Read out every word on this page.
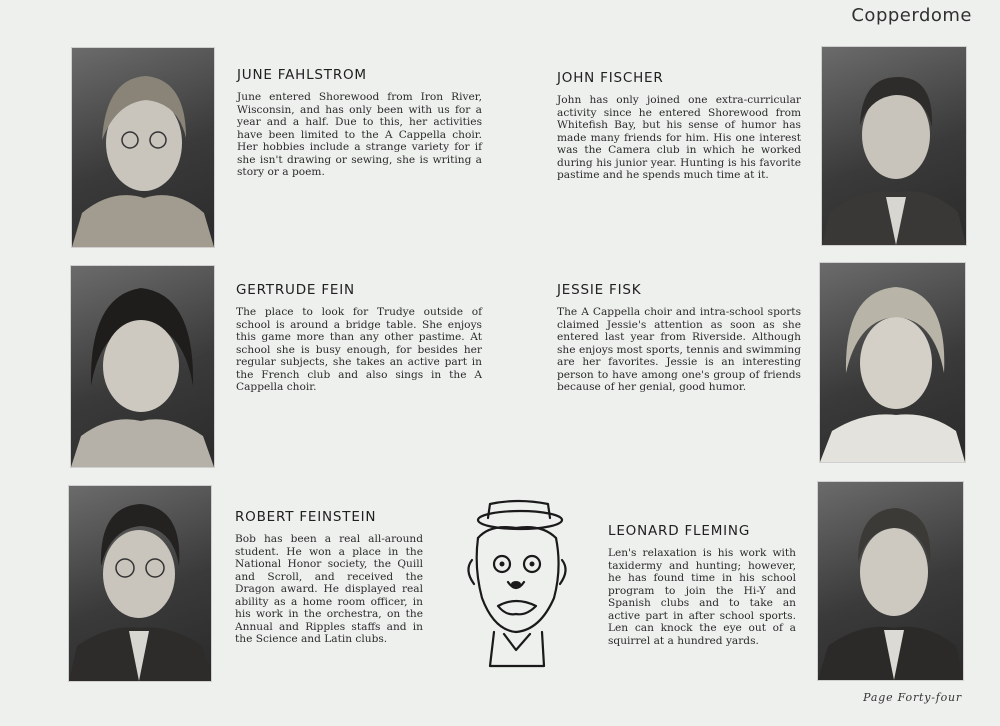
Copperdome
JUNE FAHLSTROM

June entered Shorewood from Iron River, Wisconsin, and has only been with us for a year and a half. Due to this, her activities have been limited to the A Cappella choir. Her hobbies include a strange variety for if she isn't drawing or sewing, she is writing a story or a poem.

JOHN FISCHER

John has only joined one extra-curricular activity since he entered Shorewood from Whitefish Bay, but his sense of humor has made many friends for him. His one interest was the Camera club in which he worked during his junior year. Hunting is his favorite pastime and he spends much time at it.

GERTRUDE FEIN

The place to look for Trudye outside of school is around a bridge table. She enjoys this game more than any other pastime. At school she is busy enough, for besides her regular subjects, she takes an active part in the French club and also sings in the A Cappella choir.

JESSIE FISK

The A Cappella choir and intra-school sports claimed Jessie's attention as soon as she entered last year from Riverside. Although she enjoys most sports, tennis and swimming are her favorites. Jessie is an interesting person to have among one's group of friends because of her genial, good humor.

ROBERT FEINSTEIN

Bob has been a real all-around student. He won a place in the National Honor society, the Quill and Scroll, and received the Dragon award. He displayed real ability as a home room officer, in his work in the orchestra, on the Annual and Ripples staffs and in the Science and Latin clubs.

LEONARD FLEMING

Len's relaxation is his work with taxidermy and hunting; however, he has found time in his school program to join the Hi-Y and Spanish clubs and to take an active part in after school sports. Len can knock the eye out of a squirrel at a hundred yards.

Page Forty-four
